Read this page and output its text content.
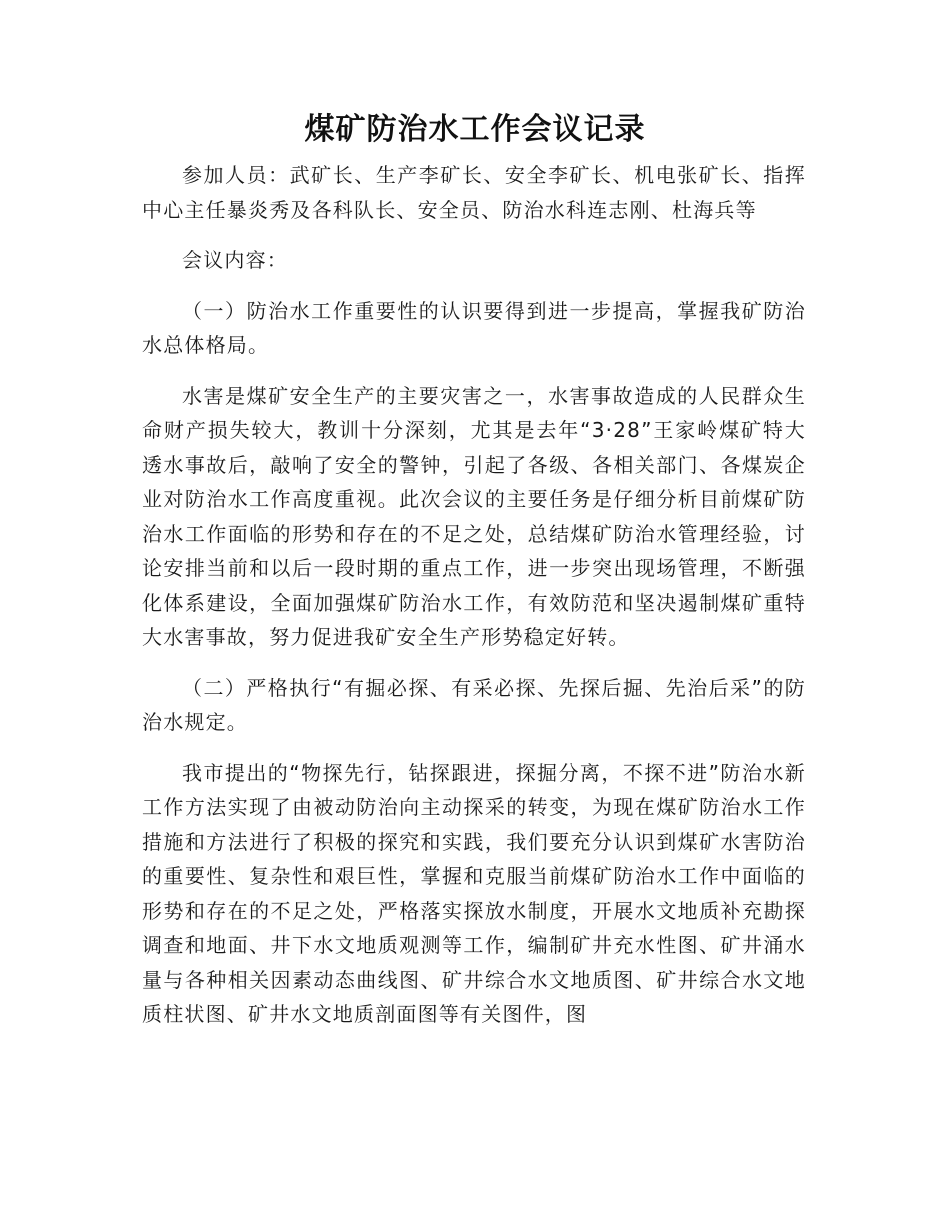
煤矿防治水工作会议记录

参加人员：武矿长、生产李矿长、安全李矿长、机电张矿长、指挥中心主任暴炎秀及各科队长、安全员、防治水科连志刚、杜海兵等

会议内容：

（一）防治水工作重要性的认识要得到进一步提高，掌握我矿防治水总体格局。

水害是煤矿安全生产的主要灾害之一，水害事故造成的人民群众生命财产损失较大，教训十分深刻，尤其是去年“3·28”王家岭煤矿特大透水事故后，敲响了安全的警钟，引起了各级、各相关部门、各煤炭企业对防治水工作高度重视。此次会议的主要任务是仔细分析目前煤矿防治水工作面临的形势和存在的不足之处，总结煤矿防治水管理经验，讨论安排当前和以后一段时期的重点工作，进一步突出现场管理，不断强化体系建设，全面加强煤矿防治水工作，有效防范和坚决遏制煤矿重特大水害事故，努力促进我矿安全生产形势稳定好转。

（二）严格执行“有掘必探、有采必探、先探后掘、先治后采”的防治水规定。

我市提出的“物探先行，钻探跟进，探掘分离，不探不进”防治水新工作方法实现了由被动防治向主动探采的转变，为现在煤矿防治水工作措施和方法进行了积极的探究和实践，我们要充分认识到煤矿水害防治的重要性、复杂性和艰巨性，掌握和克服当前煤矿防治水工作中面临的形势和存在的不足之处，严格落实探放水制度，开展水文地质补充勘探调查和地面、井下水文地质观测等工作，编制矿井充水性图、矿井涌水量与各种相关因素动态曲线图、矿井综合水文地质图、矿井综合水文地质柱状图、矿井水文地质剖面图等有关图件，图
